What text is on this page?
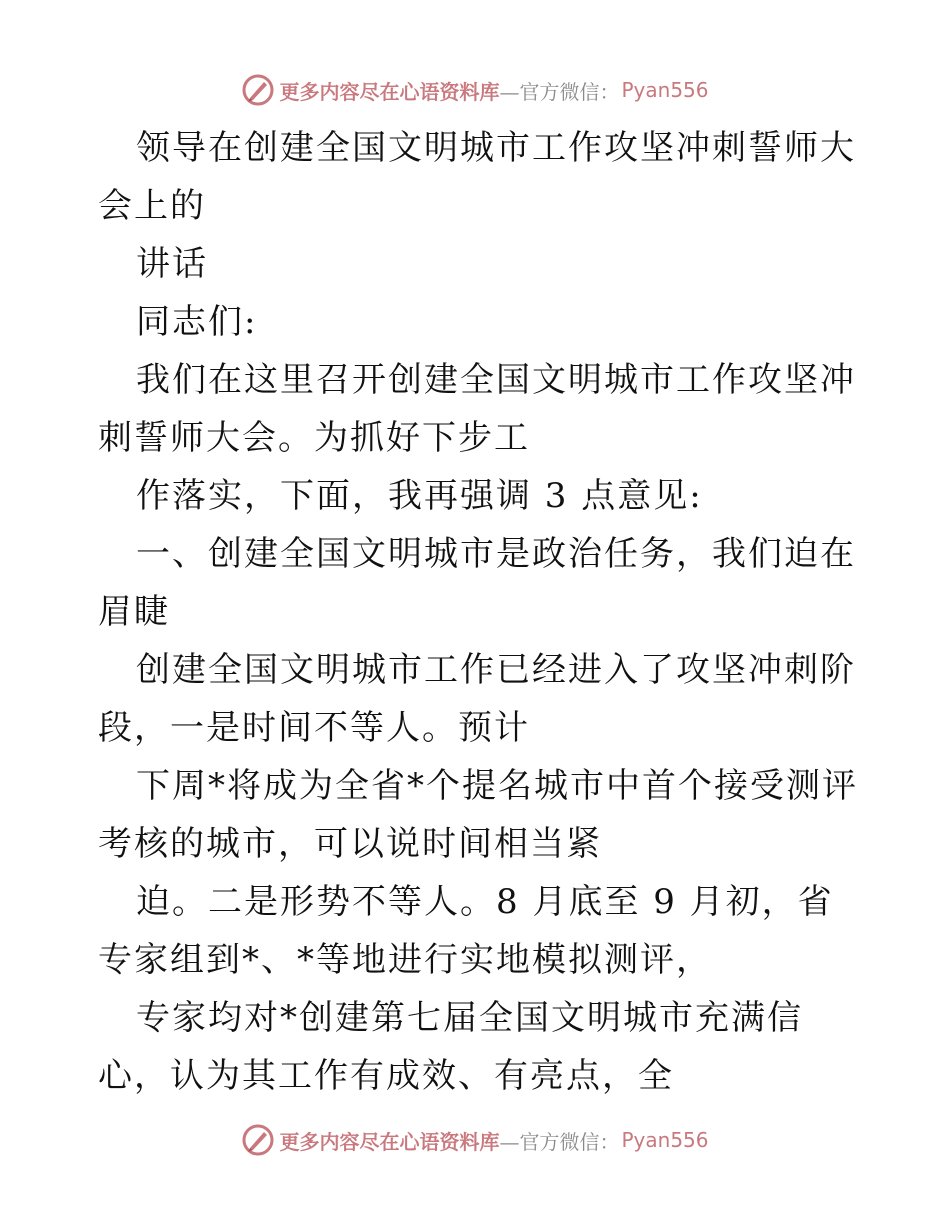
更多内容尽在心语资料库 —官方微信： Pyan556

领导在创建全国文明城市工作攻坚冲刺誓师大会上的

讲话

同志们:

我们在这里召开创建全国文明城市工作攻坚冲刺誓师大会。为抓好下步工

作落实，下面，我再强调 3 点意见:

一、创建全国文明城市是政治任务，我们迫在眉睫

创建全国文明城市工作已经进入了攻坚冲刺阶段，一是时间不等人。预计

下周*将成为全省*个提名城市中首个接受测评考核的城市，可以说时间相当紧

迫。二是形势不等人。8 月底至 9 月初，省专家组到*、*等地进行实地模拟测评，

专家均对*创建第七届全国文明城市充满信心，认为其工作有成效、有亮点，全

更多内容尽在心语资料库 —官方微信： Pyan556
